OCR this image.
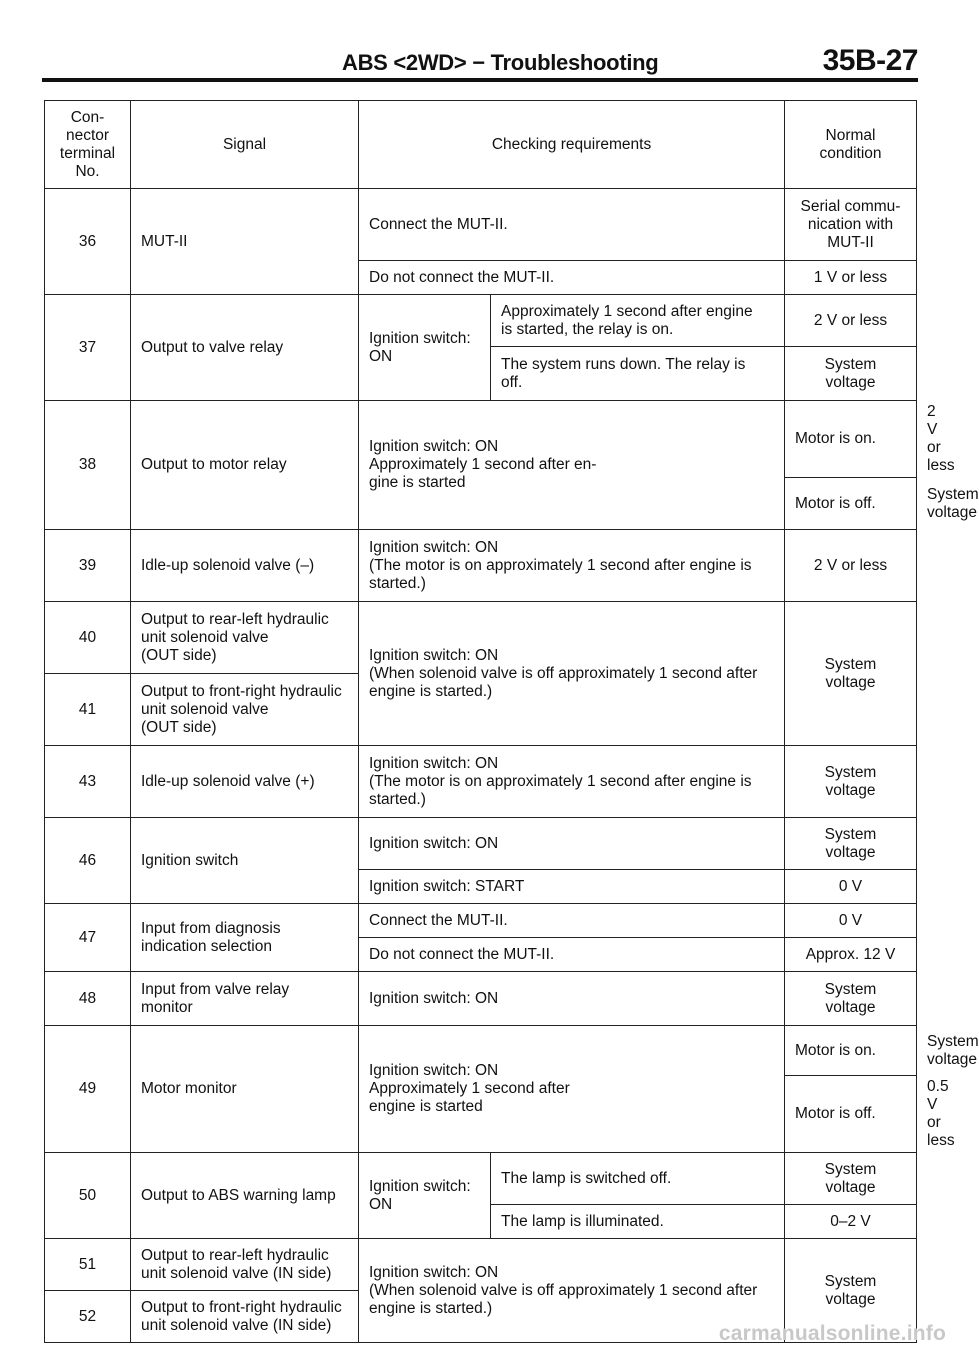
ABS <2WD> − Troubleshooting	35B-27
Con-
nector
terminal
No.	Signal	Checking requirements		Normal
condition	
36	MUT-II	Connect the MUT-II.		Serial commu-
nication with
MUT-II	
		Do not connect the MUT-II.		1 V or less	
37	Output to valve relay	Ignition switch:
ON	Approximately 1 second after engine
is started, the relay is on.	2 V or less	
			The system runs down. The relay is
off.	System
voltage	
38	Output to motor relay	Ignition switch: ON
Approximately 1 second after en-
gine is started		Motor is on.	2 V or less
				Motor is off.	System
voltage
39	Idle-up solenoid valve (–)	Ignition switch: ON
(The motor is on approximately 1 second after engine is
started.)		2 V or less	
40	Output to rear-left hydraulic
unit solenoid valve
(OUT side)	Ignition switch: ON
(When solenoid valve is off approximately 1 second after
engine is started.)		System
voltage	
41	Output to front-right hydraulic
unit solenoid valve
(OUT side)				
43	Idle-up solenoid valve (+)	Ignition switch: ON
(The motor is on approximately 1 second after engine is
started.)		System
voltage	
46	Ignition switch	Ignition switch: ON		System
voltage	
		Ignition switch: START		0 V	
47	Input from diagnosis
indication selection	Connect the MUT-II.		0 V	
		Do not connect the MUT-II.		Approx. 12 V	
48	Input from valve relay
monitor	Ignition switch: ON		System
voltage	
49	Motor monitor	Ignition switch: ON
Approximately 1 second after
engine is started		Motor is on.	System
voltage
				Motor is off.	0.5 V or less
50	Output to ABS warning lamp	Ignition switch:
ON	The lamp is switched off.	System
voltage	
			The lamp is illuminated.	0–2 V	
51	Output to rear-left hydraulic
unit solenoid valve (IN side)	Ignition switch: ON
(When solenoid valve is off approximately 1 second after
engine is started.)		System
voltage	
52	Output to front-right hydraulic
unit solenoid valve (IN side)					carmanualsonline.info
